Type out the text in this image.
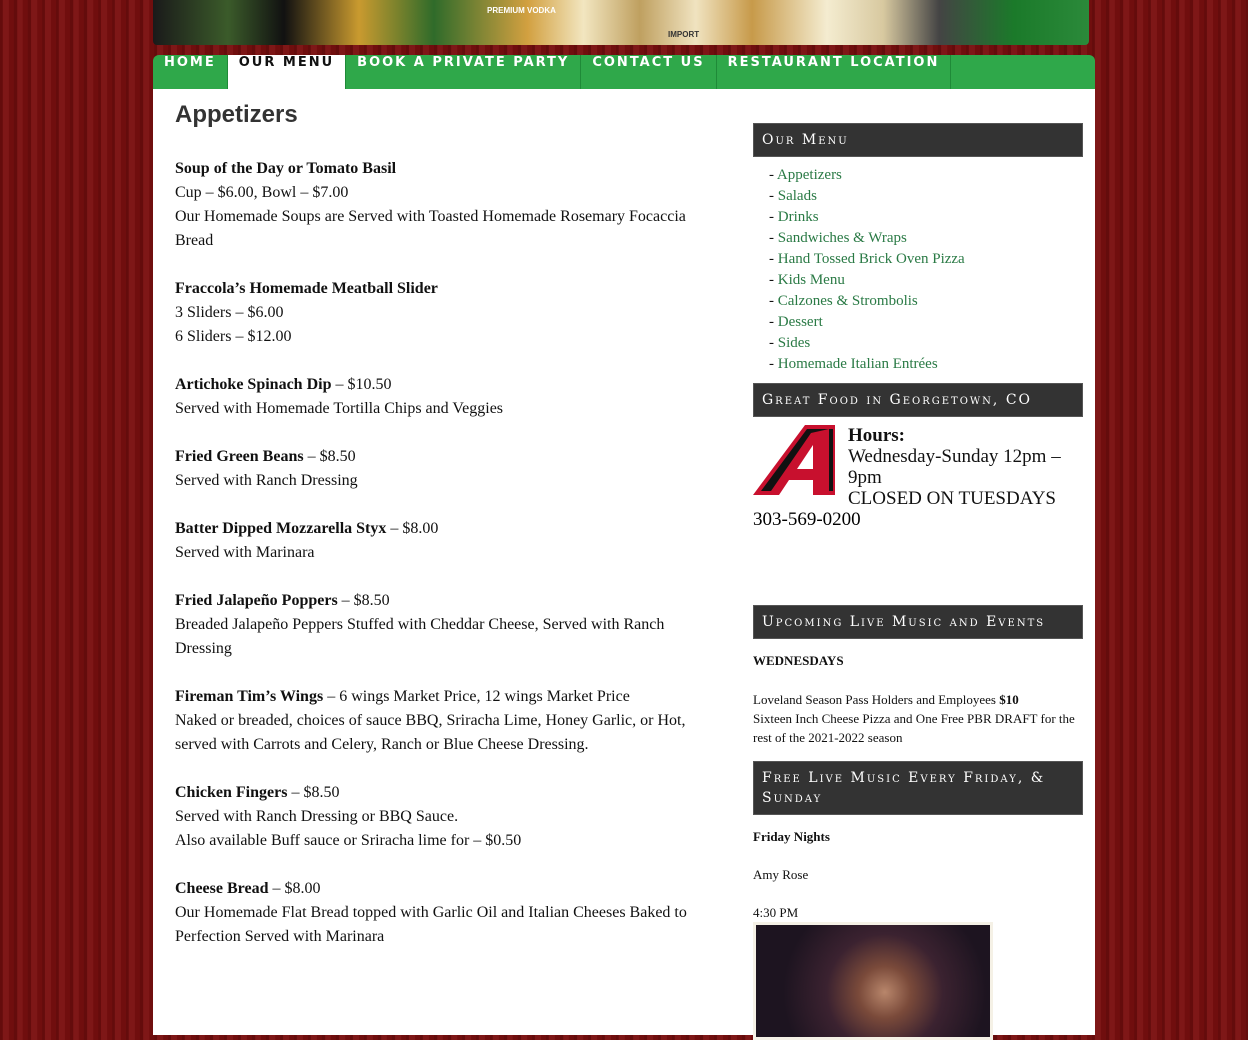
PREMIUM VODKA
IMPORT
HOME	OUR MENU	BOOK A PRIVATE PARTY	CONTACT US	RESTAURANT LOCATION
Appetizers
Soup of the Day or Tomato Basil
Cup – $6.00, Bowl – $7.00
Our Homemade Soups are Served with Toasted Homemade Rosemary Focaccia Bread
Fraccola’s Homemade Meatball Slider
3 Sliders – $6.00
6 Sliders – $12.00
Artichoke Spinach Dip – $10.50
Served with Homemade Tortilla Chips and Veggies
Fried Green Beans – $8.50
Served with Ranch Dressing
Batter Dipped Mozzarella Styx – $8.00
Served with Marinara
Fried Jalapeño Poppers – $8.50
Breaded Jalapeño Peppers Stuffed with Cheddar Cheese, Served with Ranch Dressing
Fireman Tim’s Wings – 6 wings Market Price, 12 wings Market Price
Naked or breaded, choices of sauce BBQ, Sriracha Lime, Honey Garlic, or Hot, served with Carrots and Celery, Ranch or Blue Cheese Dressing.
Chicken Fingers – $8.50
Served with Ranch Dressing or BBQ Sauce.
Also available Buff sauce or Sriracha lime for – $0.50
Cheese Bread – $8.00
Our Homemade Flat Bread topped with Garlic Oil and Italian Cheeses Baked to Perfection Served with Marinara
Our Menu
- Appetizers
- Salads
- Drinks
- Sandwiches & Wraps
- Hand Tossed Brick Oven Pizza
- Kids Menu
- Calzones & Strombolis
- Dessert
- Sides
- Homemade Italian Entrées
Great Food in Georgetown, CO
Hours:
Wednesday-Sunday 12pm – 9pm
CLOSED ON TUESDAYS
303-569-0200
Upcoming Live Music and Events

WEDNESDAYS

Loveland Season Pass Holders and Employees $10
Sixteen Inch Cheese Pizza and One Free PBR DRAFT for the rest of the 2021-2022 season

Free Live Music Every Friday, & Sunday

Friday Nights

Amy Rose

4:30 PM
